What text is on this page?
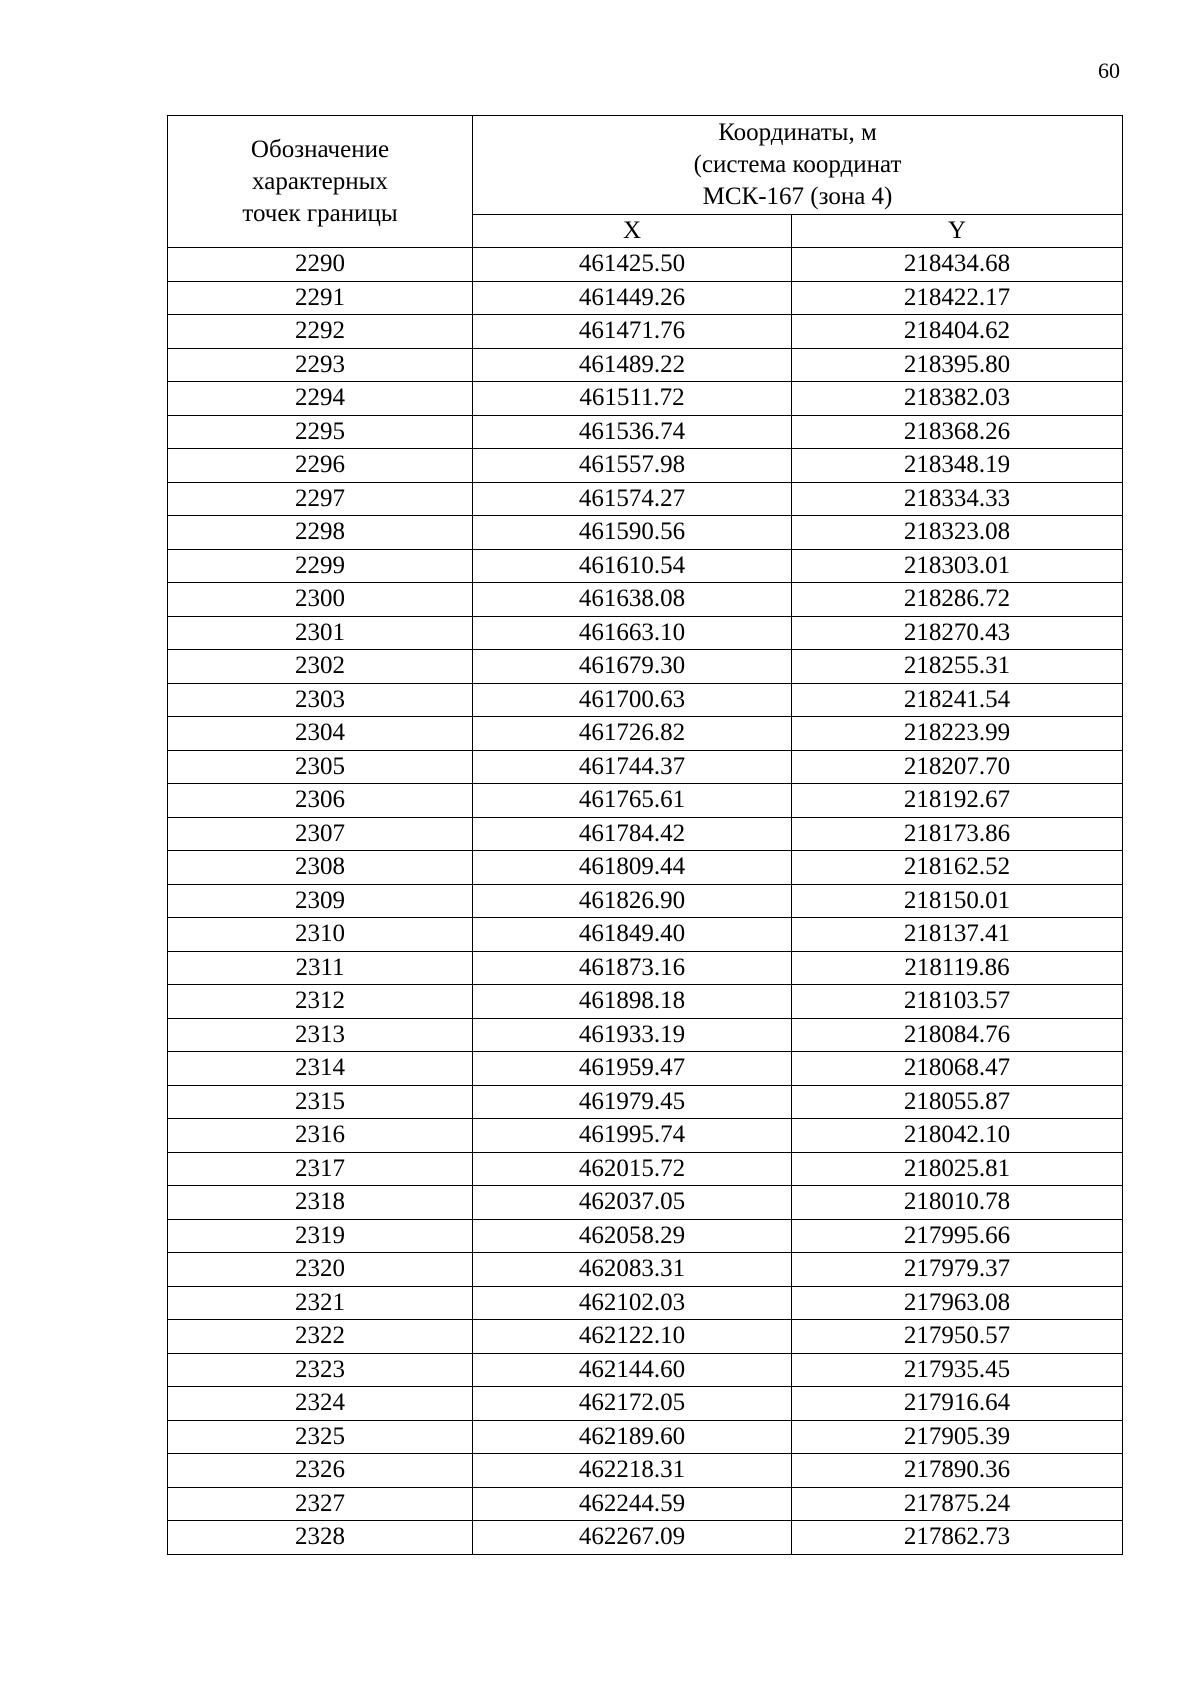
60
Обозначение
характерных
точек границы	Координаты, м
(система координат
МСК-167 (зона 4)	

	X	Y
2290	461425.50	218434.68
2291	461449.26	218422.17
2292	461471.76	218404.62
2293	461489.22	218395.80
2294	461511.72	218382.03
2295	461536.74	218368.26
2296	461557.98	218348.19
2297	461574.27	218334.33
2298	461590.56	218323.08
2299	461610.54	218303.01
2300	461638.08	218286.72
2301	461663.10	218270.43
2302	461679.30	218255.31
2303	461700.63	218241.54
2304	461726.82	218223.99
2305	461744.37	218207.70
2306	461765.61	218192.67
2307	461784.42	218173.86
2308	461809.44	218162.52
2309	461826.90	218150.01
2310	461849.40	218137.41
2311	461873.16	218119.86
2312	461898.18	218103.57
2313	461933.19	218084.76
2314	461959.47	218068.47
2315	461979.45	218055.87
2316	461995.74	218042.10
2317	462015.72	218025.81
2318	462037.05	218010.78
2319	462058.29	217995.66
2320	462083.31	217979.37
2321	462102.03	217963.08
2322	462122.10	217950.57
2323	462144.60	217935.45
2324	462172.05	217916.64
2325	462189.60	217905.39
2326	462218.31	217890.36
2327	462244.59	217875.24
2328	462267.09	217862.73
